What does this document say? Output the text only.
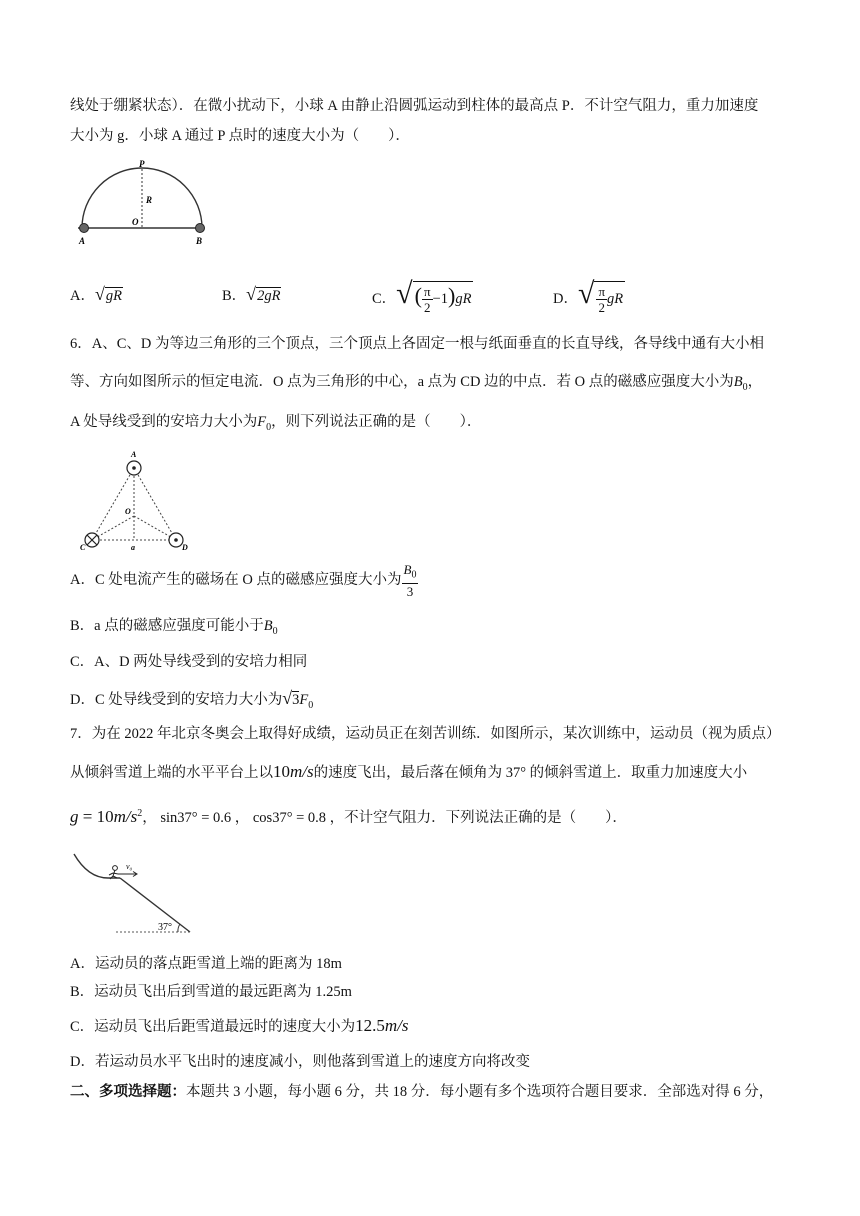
线处于绷紧状态）．在微小扰动下，小球 A 由静止沿圆弧运动到柱体的最高点 P．不计空气阻力，重力加速度
大小为 g．小球 A 通过 P 点时的速度大小为（　　）．
P
R
O
A	B
A．√gR	B．√2gR	C．√( $\frac{\pi}{2} -1)gR$	D．√ $\frac{\pi}{2}$ gR
6．A、C、D 为等边三角形的三个顶点，三个顶点上各固定一根与纸面垂直的长直导线，各导线中通有大小相
等、方向如图所示的恒定电流．O 点为三角形的中心，a 点为 CD 边的中点．若 O 点的磁感应强度大小为$B_0$，
A 处导线受到的安培力大小为$F_0$，则下列说法正确的是（　　）．
A
O
C	a	D
A．C 处电流产生的磁场在 O 点的磁感应强度大小为 $\frac{B_0}{3}$
B．a 点的磁感应强度可能小于$B_0$
C．A、D 两处导线受到的安培力相同
D．C 处导线受到的安培力大小为$√3F_0$
7．为在 2022 年北京冬奥会上取得好成绩，运动员正在刻苦训练．如图所示，某次训练中，运动员（视为质点）
从倾斜雪道上端的水平平台上以10m/s的速度飞出，最后落在倾角为 37° 的倾斜雪道上．取重力加速度大小
$g = 10m/s^2$， sin37° = 0.6 ， cos37° = 0.8 ，不计空气阻力．下列说法正确的是（　　）．
v₀
37°
A．运动员的落点距雪道上端的距离为 18m
B．运动员飞出后到雪道的最远距离为 1.25m
C．运动员飞出后距雪道最远时的速度大小为12.5m/s
D．若运动员水平飞出时的速度减小，则他落到雪道上的速度方向将改变
二、多项选择题：本题共 3 小题，每小题 6 分，共 18 分．每小题有多个选项符合题目要求．全部选对得 6 分，
